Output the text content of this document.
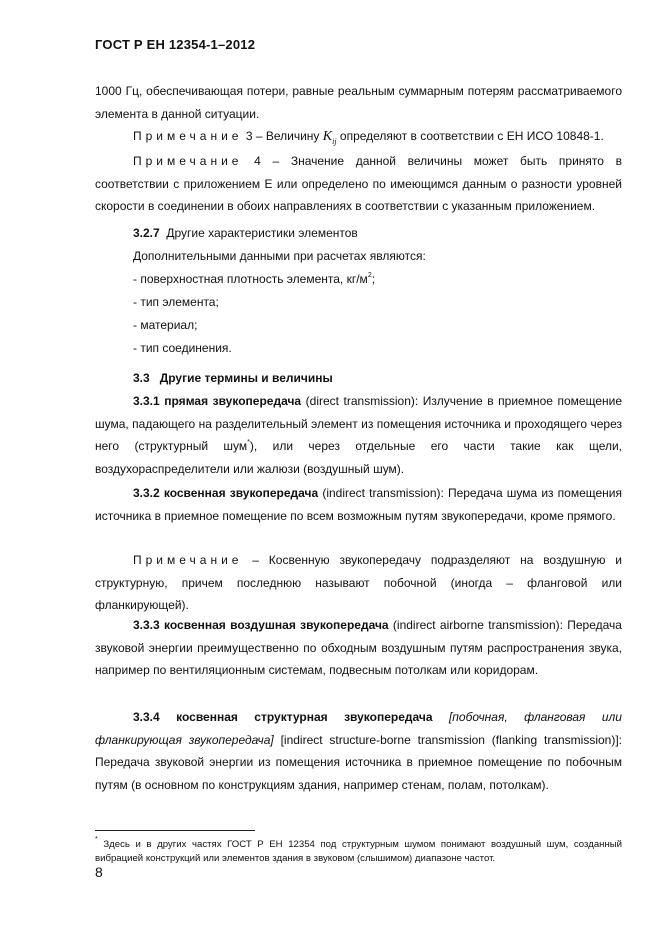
ГОСТ Р ЕН 12354-1–2012
1000 Гц, обеспечивающая потери, равные реальным суммарным потерям рассматриваемого элемента в данной ситуации.
Примечание 3 – Величину $K_{ij}$ определяют в соответствии с ЕН ИСО 10848-1.
Примечание 4 – Значение данной величины может быть принято в соответствии с приложением Е или определено по имеющимся данным о разности уровней скорости в соединении в обоих направлениях в соответствии с указанным приложением.
3.2.7 Другие характеристики элементов
Дополнительными данными при расчетах являются:
- поверхностная плотность элемента, $кг/м^2$;
- тип элемента;
- материал;
- тип соединения.
3.3 Другие термины и величины
3.3.1 прямая звукопередача (direct transmission): Излучение в приемное помещение шума, падающего на разделительный элемент из помещения источника и проходящего через него (структурный шум*), или через отдельные его части такие как щели, воздухораспределители или жалюзи (воздушный шум).
3.3.2 косвенная звукопередача (indirect transmission): Передача шума из помещения источника в приемное помещение по всем возможным путям звукопередачи, кроме прямого.
Примечание – Косвенную звукопередачу подразделяют на воздушную и структурную, причем последнюю называют побочной (иногда – фланговой или фланкирующей).
3.3.3 косвенная воздушная звукопередача (indirect airborne transmission): Передача звуковой энергии преимущественно по обходным воздушным путям распространения звука, например по вентиляционным системам, подвесным потолкам или коридорам.
3.3.4 косвенная структурная звукопередача [побочная, фланговая или фланкирующая звукопередача] [indirect structure-borne transmission (flanking transmission)]: Передача звуковой энергии из помещения источника в приемное помещение по побочным путям (в основном по конструкциям здания, например стенам, полам, потолкам).
* Здесь и в других частях ГОСТ Р ЕН 12354 под структурным шумом понимают воздушный шум, созданный вибрацией конструкций или элементов здания в звуковом (слышимом) диапазоне частот.
8
